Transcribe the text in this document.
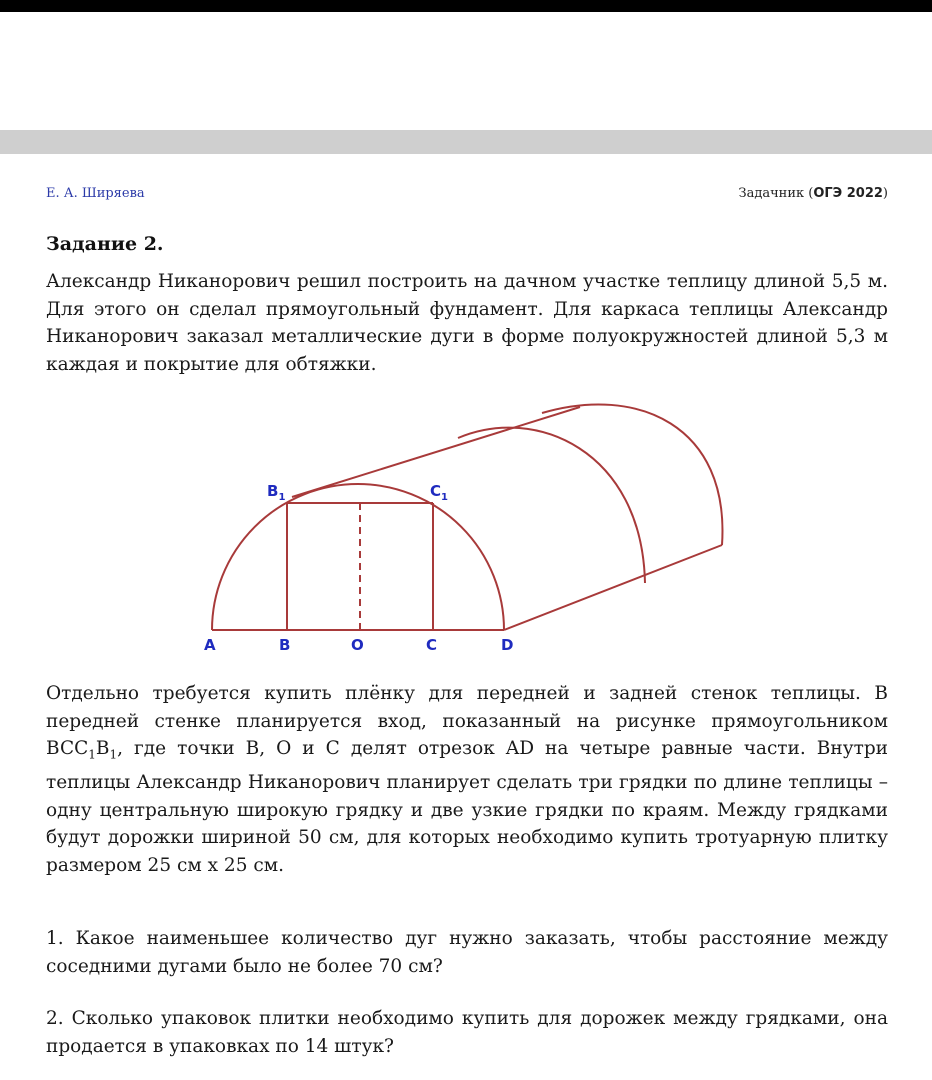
Е. А. Ширяева	Задачник (ОГЭ 2022)
Задание 2.

Александр Никанорович решил построить на дачном участке теплицу длиной 5,5 м. Для этого он сделал прямоугольный фундамент. Для каркаса теплицы Александр Никанорович заказал металлические дуги в форме полуокружностей длиной 5,3 м каждая и покрытие для обтяжки.

A	B	O	C	D
$B_1$	$C_1$

Отдельно требуется купить плёнку для передней и задней стенок теплицы. В передней стенке планируется вход, показанный на рисунке прямоугольником $BCC_1B_1$, где точки B, O и C делят отрезок AD на четыре равные части. Внутри теплицы Александр Никанорович планирует сделать три грядки по длине теплицы – одну центральную широкую грядку и две узкие грядки по краям. Между грядками будут дорожки шириной 50 см, для которых необходимо купить тротуарную плитку размером 25 см х 25 см.

1. Какое наименьшее количество дуг нужно заказать, чтобы расстояние между соседними дугами было не более 70 см?

2. Сколько упаковок плитки необходимо купить для дорожек между грядками, она продается в упаковках по 14 штук?
